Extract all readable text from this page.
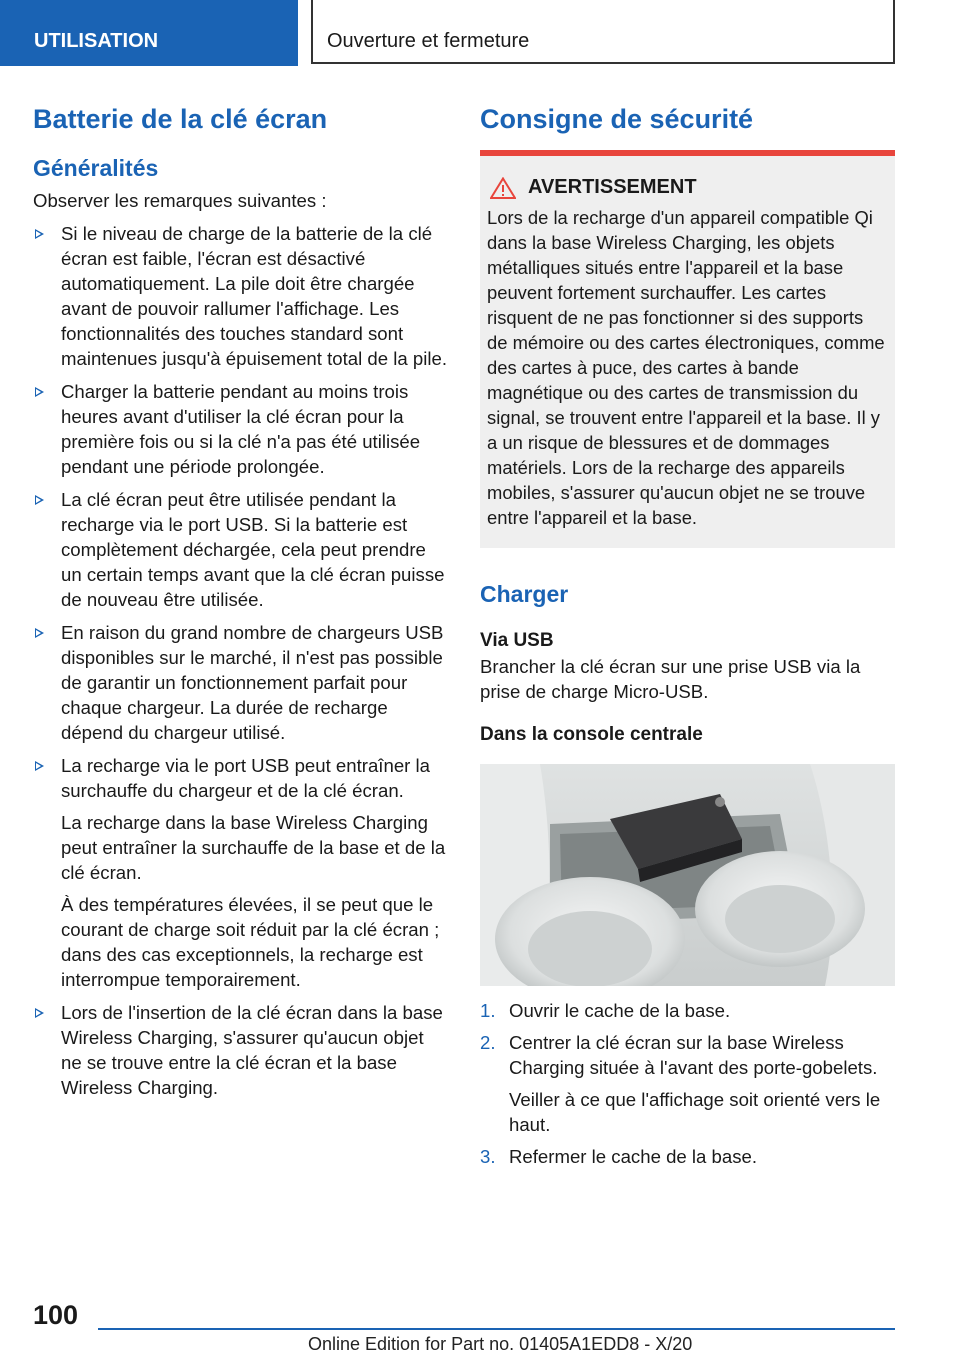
UTILISATION	Ouverture et fermeture
Batterie de la clé écran
Généralités

Observer les remarques suivantes :

Si le niveau de charge de la batterie de la clé écran est faible, l'écran est désactivé automatiquement. La pile doit être chargée avant de pouvoir rallumer l'affichage. Les fonctionnalités des touches standard sont maintenues jusqu'à épuisement total de la pile.

Charger la batterie pendant au moins trois heures avant d'utiliser la clé écran pour la première fois ou si la clé n'a pas été utilisée pendant une période prolongée.

La clé écran peut être utilisée pendant la recharge via le port USB. Si la batterie est complètement déchargée, cela peut prendre un certain temps avant que la clé écran puisse de nouveau être utilisée.

En raison du grand nombre de chargeurs USB disponibles sur le marché, il n'est pas possible de garantir un fonctionnement parfait pour chaque chargeur. La durée de recharge dépend du chargeur utilisé.

La recharge via le port USB peut entraîner la surchauffe du chargeur et de la clé écran.

La recharge dans la base Wireless Charging peut entraîner la surchauffe de la base et de la clé écran.

À des températures élevées, il se peut que le courant de charge soit réduit par la clé écran ; dans des cas exceptionnels, la recharge est interrompue temporairement.

Lors de l'insertion de la clé écran dans la base Wireless Charging, s'assurer qu'aucun objet ne se trouve entre la clé écran et la base Wireless Charging.

Consigne de sécurité
AVERTISSEMENT

Lors de la recharge d'un appareil compatible Qi dans la base Wireless Charging, les objets métalliques situés entre l'appareil et la base peuvent fortement surchauffer. Les cartes risquent de ne pas fonctionner si des supports de mémoire ou des cartes électroniques, comme des cartes à puce, des cartes à bande magnétique ou des cartes de transmission du signal, se trouvent entre l'appareil et la base. Il y a un risque de blessures et de dommages matériels. Lors de la recharge des appareils mobiles, s'assurer qu'aucun objet ne se trouve entre l'appareil et la base.

Charger
Via USB

Brancher la clé écran sur une prise USB via la prise de charge Micro-USB.

Dans la console centrale
1. Ouvrir le cache de la base.

2. Centrer la clé écran sur la base Wireless Charging située à l'avant des porte-gobelets.

Veiller à ce que l'affichage soit orienté vers le haut.

3. Refermer le cache de la base.

100
Online Edition for Part no. 01405A1EDD8 - X/20
